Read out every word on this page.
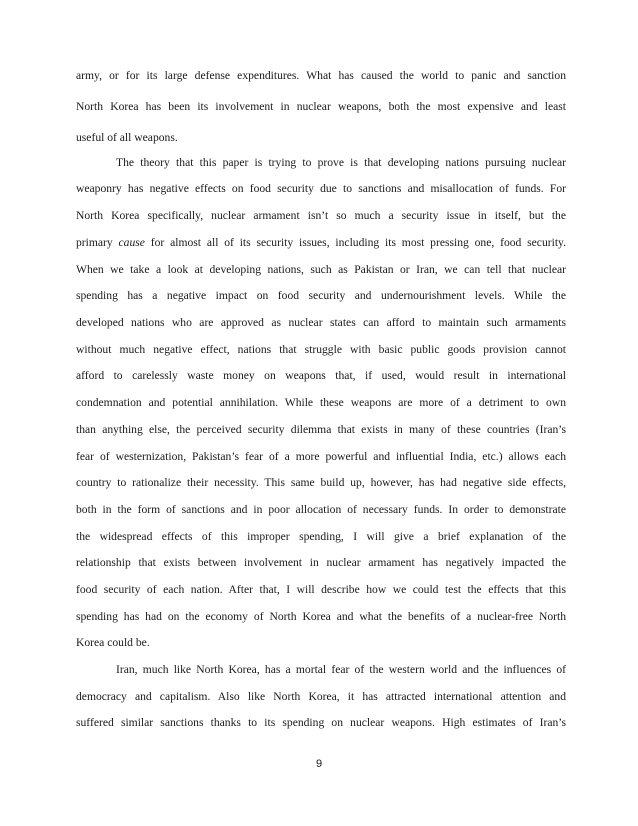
army, or for its large defense expenditures. What has caused the world to panic and sanction
North Korea has been its involvement in nuclear weapons, both the most expensive and least
useful of all weapons.
The theory that this paper is trying to prove is that developing nations pursuing nuclear
weaponry has negative effects on food security due to sanctions and misallocation of funds. For
North Korea specifically, nuclear armament isn’t so much a security issue in itself, but the
primary cause for almost all of its security issues, including its most pressing one, food security.
When we take a look at developing nations, such as Pakistan or Iran, we can tell that nuclear
spending has a negative impact on food security and undernourishment levels. While the
developed nations who are approved as nuclear states can afford to maintain such armaments
without much negative effect, nations that struggle with basic public goods provision cannot
afford to carelessly waste money on weapons that, if used, would result in international
condemnation and potential annihilation. While these weapons are more of a detriment to own
than anything else, the perceived security dilemma that exists in many of these countries (Iran’s
fear of westernization, Pakistan’s fear of a more powerful and influential India, etc.) allows each
country to rationalize their necessity. This same build up, however, has had negative side effects,
both in the form of sanctions and in poor allocation of necessary funds. In order to demonstrate
the widespread effects of this improper spending, I will give a brief explanation of the
relationship that exists between involvement in nuclear armament has negatively impacted the
food security of each nation. After that, I will describe how we could test the effects that this
spending has had on the economy of North Korea and what the benefits of a nuclear-free North
Korea could be.
Iran, much like North Korea, has a mortal fear of the western world and the influences of
democracy and capitalism. Also like North Korea, it has attracted international attention and
suffered similar sanctions thanks to its spending on nuclear weapons. High estimates of Iran’s
9
